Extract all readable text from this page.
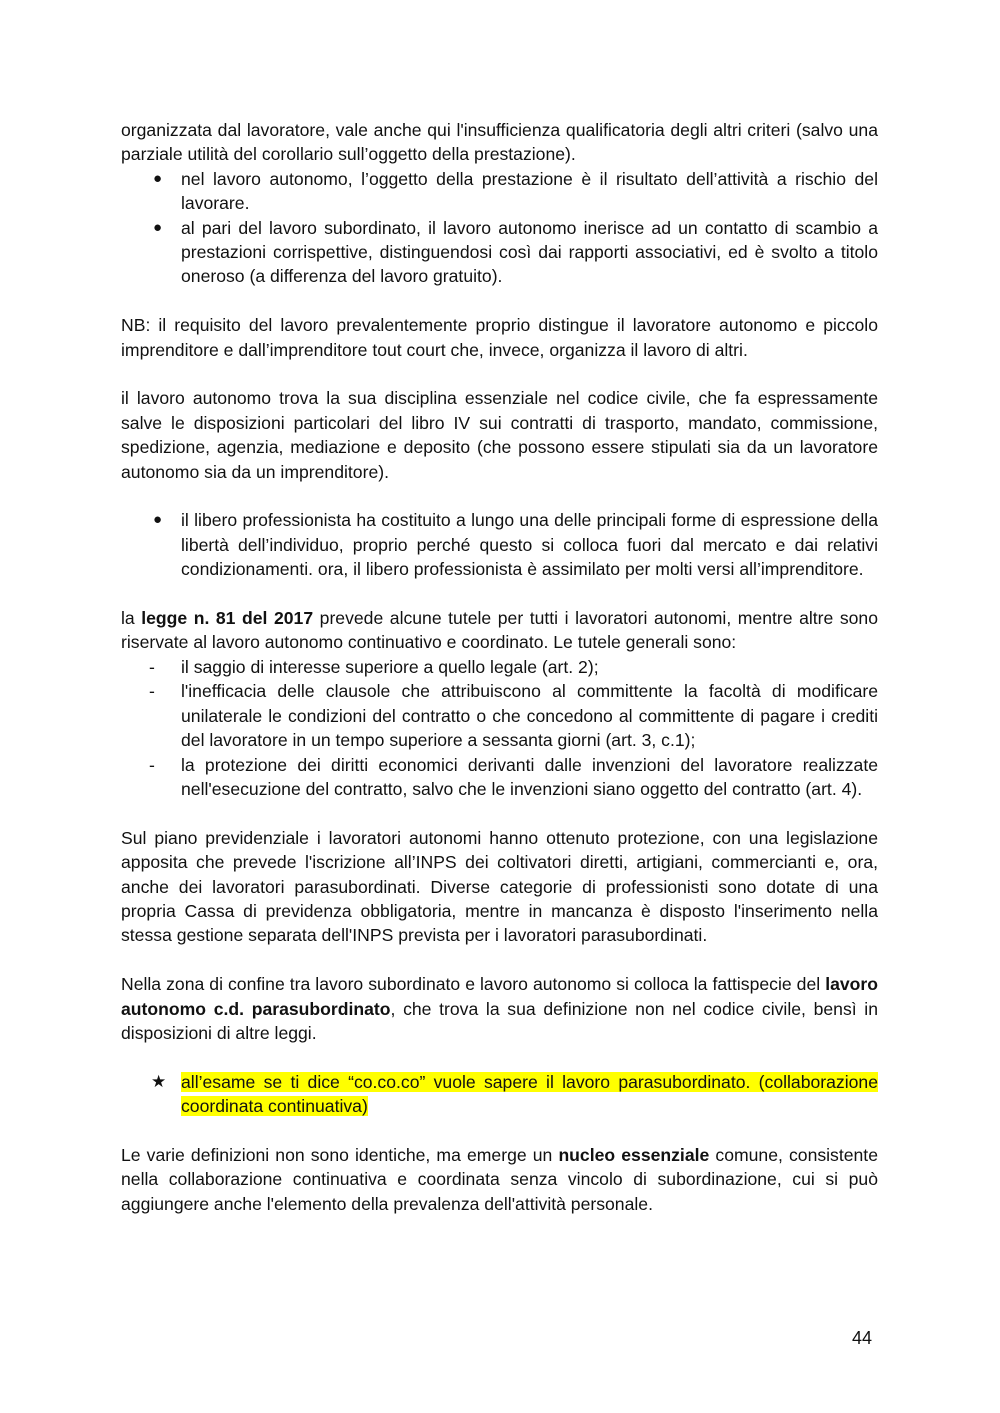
organizzata dal lavoratore, vale anche qui l'insufficienza qualificatoria degli altri criteri (salvo una parziale utilità del corollario sull’oggetto della prestazione).

● nel lavoro autonomo, l’oggetto della prestazione è il risultato dell’attività a rischio del lavorare.
● al pari del lavoro subordinato, il lavoro autonomo inerisce ad un contatto di scambio a prestazioni corrispettive, distinguendosi così dai rapporti associativi, ed è svolto a titolo oneroso (a differenza del lavoro gratuito).

NB: il requisito del lavoro prevalentemente proprio distingue il lavoratore autonomo e piccolo imprenditore e dall’imprenditore tout court che, invece, organizza il lavoro di altri.

il lavoro autonomo trova la sua disciplina essenziale nel codice civile, che fa espressamente salve le disposizioni particolari del libro IV sui contratti di trasporto, mandato, commissione, spedizione, agenzia, mediazione e deposito (che possono essere stipulati sia da un lavoratore autonomo sia da un imprenditore).

● il libero professionista ha costituito a lungo una delle principali forme di espressione della libertà dell’individuo, proprio perché questo si colloca fuori dal mercato e dai relativi condizionamenti. ora, il libero professionista è assimilato per molti versi all’imprenditore.

la legge n. 81 del 2017 prevede alcune tutele per tutti i lavoratori autonomi, mentre altre sono riservate al lavoro autonomo continuativo e coordinato. Le tutele generali sono:

- il saggio di interesse superiore a quello legale (art. 2);
- l'inefficacia delle clausole che attribuiscono al committente la facoltà di modificare unilaterale le condizioni del contratto o che concedono al committente di pagare i crediti del lavoratore in un tempo superiore a sessanta giorni (art. 3, c.1);
- la protezione dei diritti economici derivanti dalle invenzioni del lavoratore realizzate nell'esecuzione del contratto, salvo che le invenzioni siano oggetto del contratto (art. 4).

Sul piano previdenziale i lavoratori autonomi hanno ottenuto protezione, con una legislazione apposita che prevede l'iscrizione all’INPS dei coltivatori diretti, artigiani, commercianti e, ora, anche dei lavoratori parasubordinati. Diverse categorie di professionisti sono dotate di una propria Cassa di previdenza obbligatoria, mentre in mancanza è disposto l'inserimento nella stessa gestione separata dell'INPS prevista per i lavoratori parasubordinati.

Nella zona di confine tra lavoro subordinato e lavoro autonomo si colloca la fattispecie del lavoro autonomo c.d. parasubordinato, che trova la sua definizione non nel codice civile, bensì in disposizioni di altre leggi.

★ all’esame se ti dice “co.co.co” vuole sapere il lavoro parasubordinato. (collaborazione coordinata continuativa)

Le varie definizioni non sono identiche, ma emerge un nucleo essenziale comune, consistente nella collaborazione continuativa e coordinata senza vincolo di subordinazione, cui si può aggiungere anche l'elemento della prevalenza dell'attività personale.

44
